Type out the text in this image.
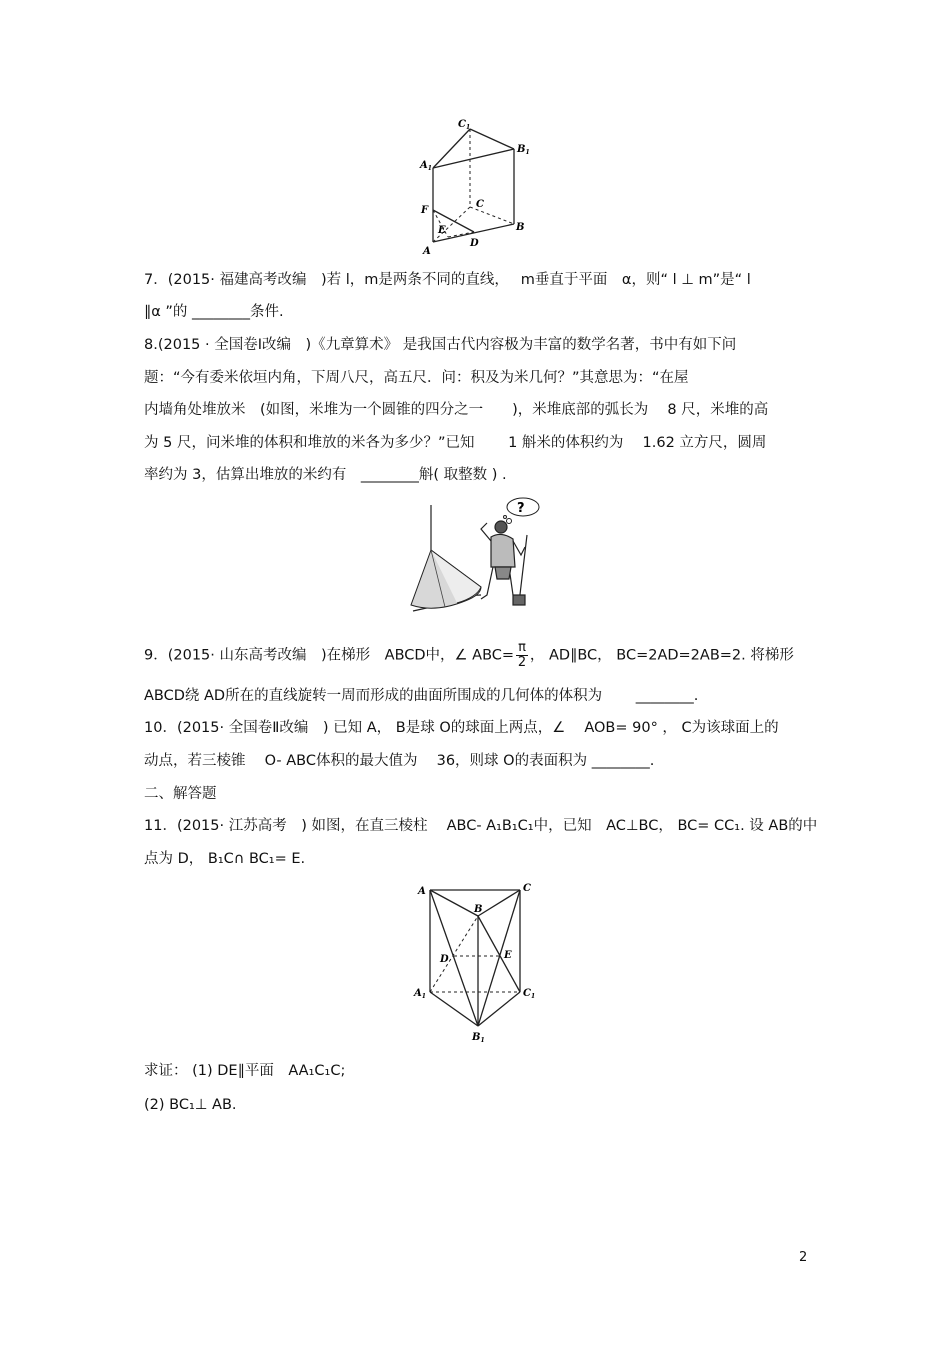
$C_1$
$B_1$
$A_1$
F
C
E	B
A
D
7．(2015· 福建高考改编　)若 l，m是两条不同的直线，　 m垂直于平面　α，则“ l ⊥ m”是“ l
∥α ”的 ________条件.
8.(2015 · 全国卷Ⅰ改编　)《九章算术》 是我国古代内容极为丰富的数学名著，书中有如下问
题：“今有委米依垣内角，下周八尺，高五尺．问：积及为米几何？”其意思为：“在屋
内墙角处堆放米　(如图，米堆为一个圆锥的四分之一　　)，米堆底部的弧长为　 8 尺，米堆的高
为 5 尺，问米堆的体积和堆放的米各为多少？”已知　　 1 斛米的体积约为　 1.62 立方尺，圆周
率约为 3，估算出堆放的米约有　________斛( 取整数 ) .
?
9．(2015· 山东高考改编　)在梯形　ABCD中，∠ $ABC= \frac{\pi}{2}$ ， AD∥BC， BC=2AD=2AB=2. 将梯形
ABCD绕 AD所在的直线旋转一周而形成的曲面所围成的几何体的体积为　　 ________.
10．(2015· 全国卷Ⅱ改编　) 已知 A， B是球 O的球面上两点，∠　 AOB= 90° ， C为该球面上的
动点，若三棱锥　 O- ABC体积的最大值为　 36，则球 O的表面积为 ________.
二、解答题
11．(2015· 江苏高考　) 如图，在直三棱柱　 ABC- A₁B₁C₁中，已知　AC⊥BC， BC= CC₁. 设 AB的中
点为 D， B₁C∩ BC₁= E.
A	C
B
D	E
$A_1$	$C_1$
$B_1$
求证： (1) DE∥平面　AA₁C₁C;
(2) BC₁⊥ AB.
2
